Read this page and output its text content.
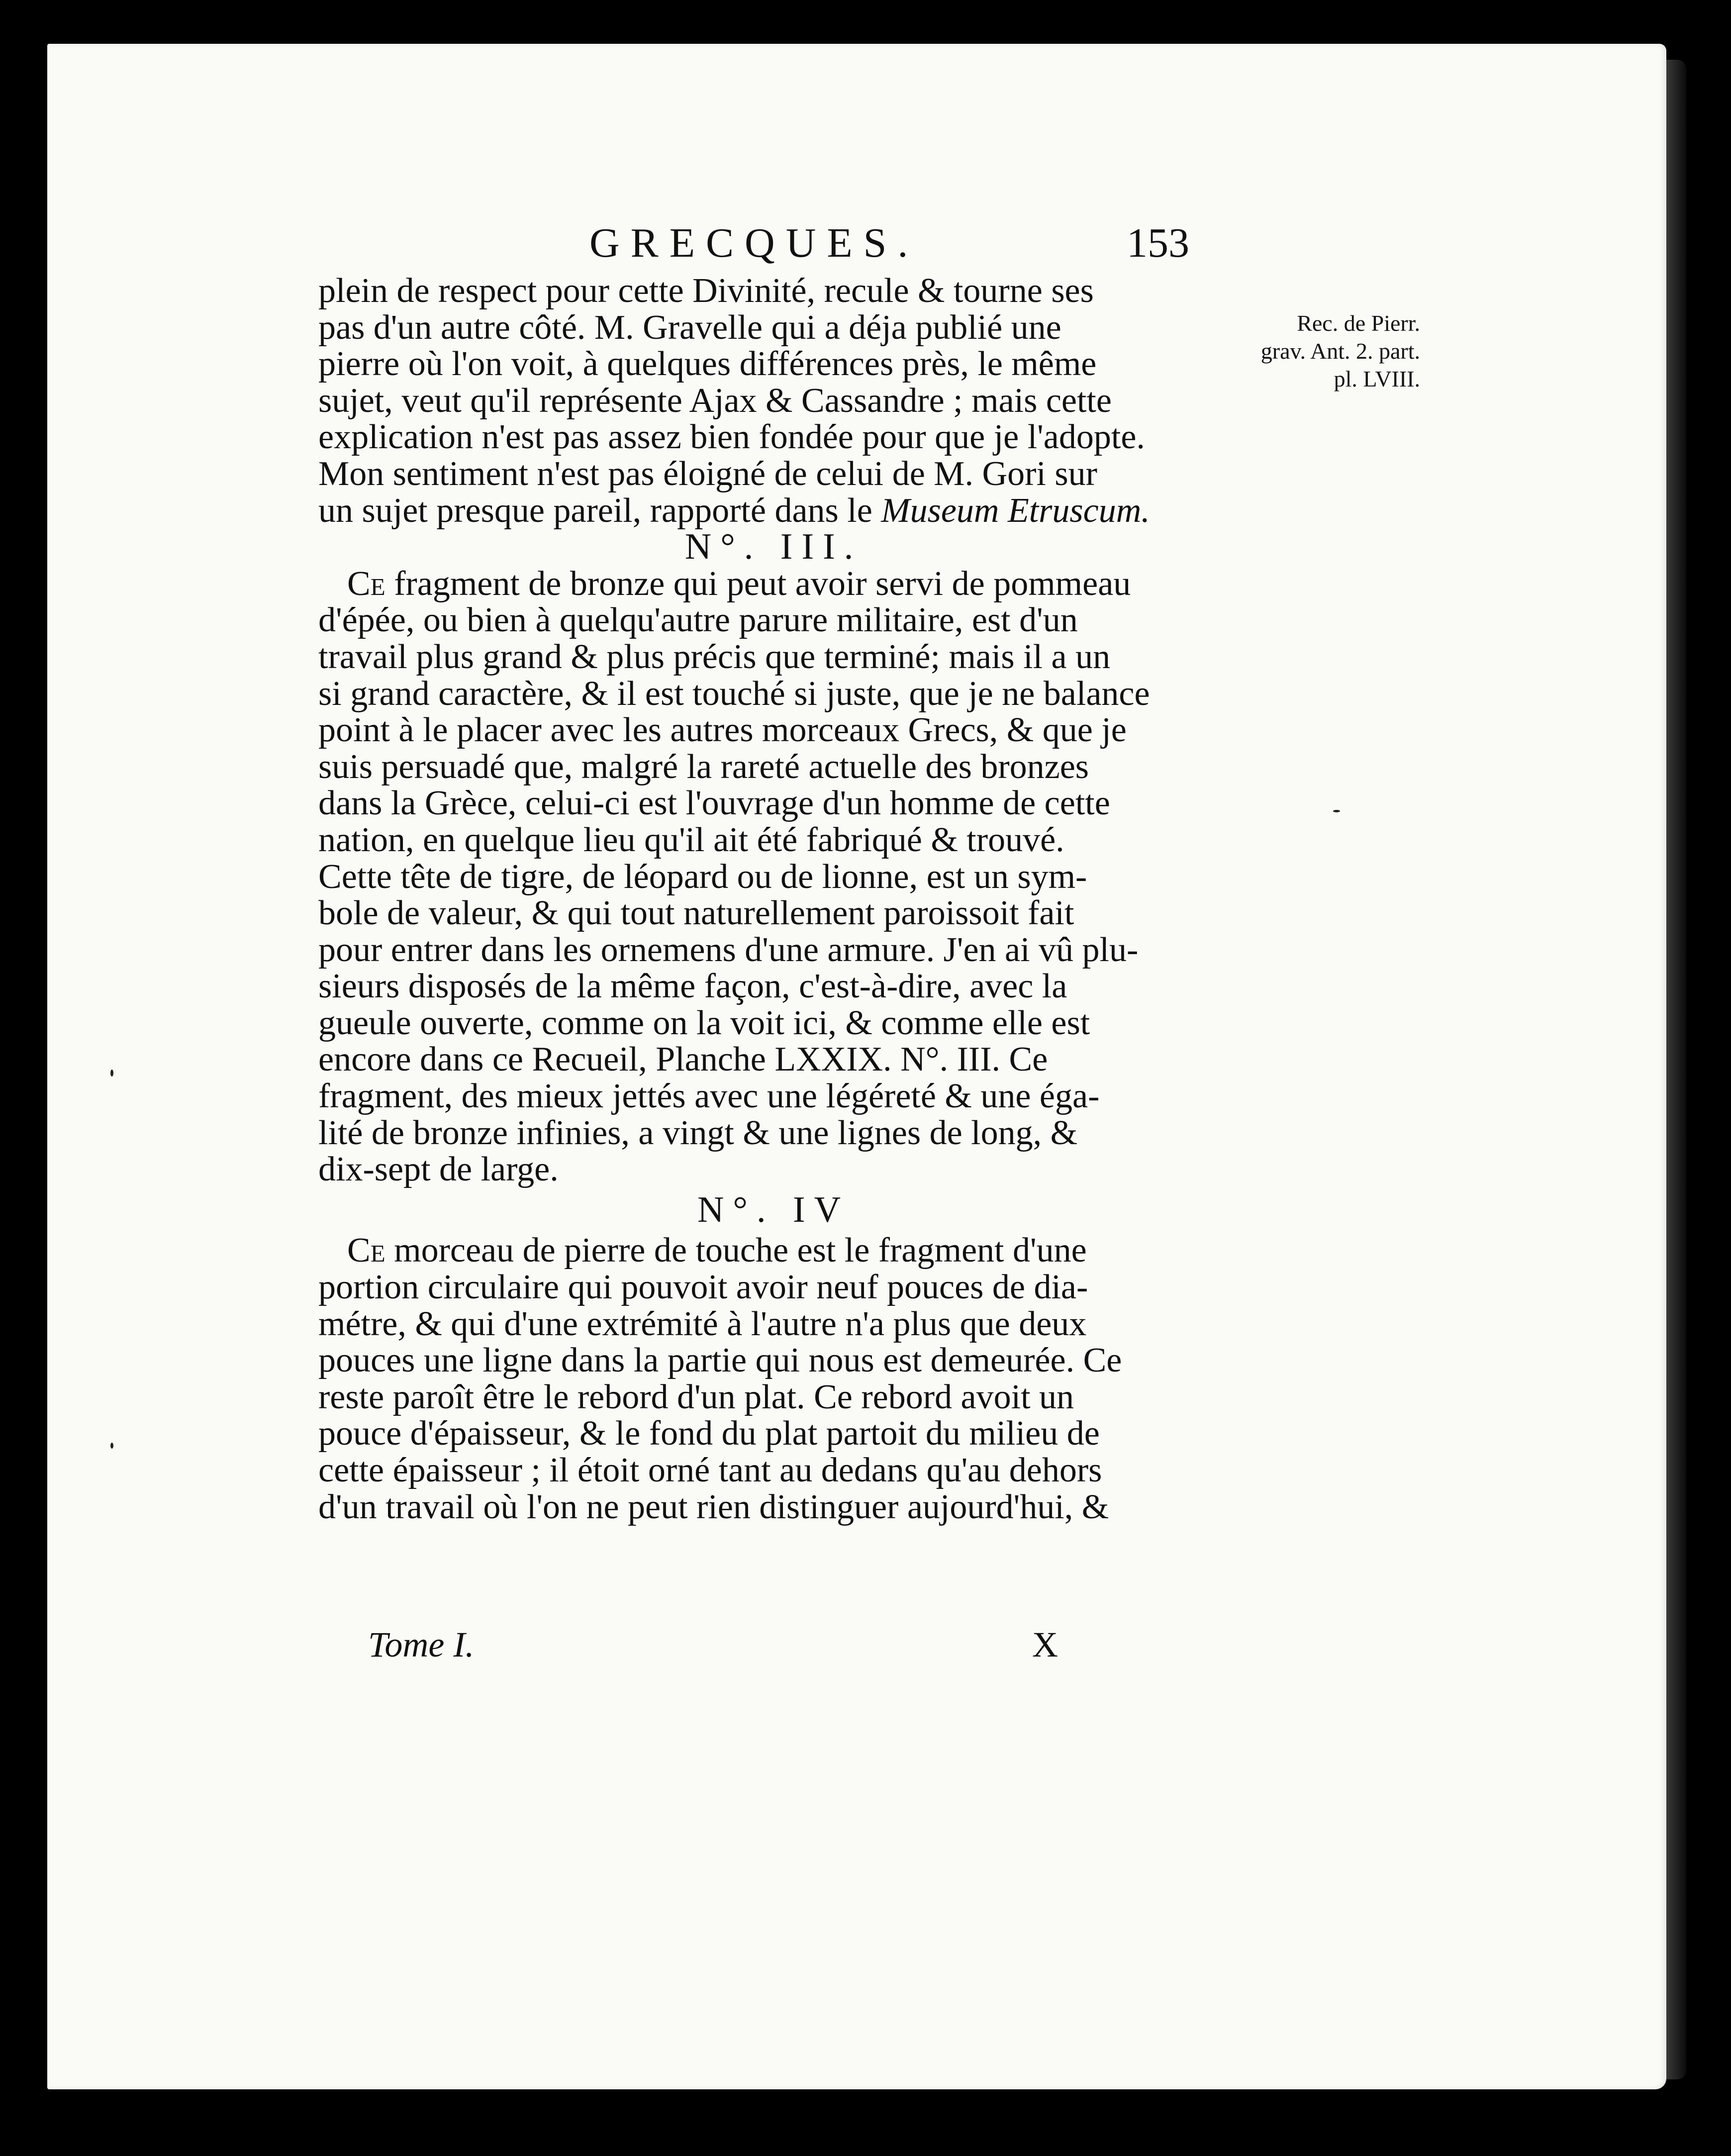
GRECQUES.	153
Rec. de Pierr.
grav. Ant. 2. part.
pl. LVIII.
plein de respect pour cette Divinité, recule & tourne ses
pas d'un autre côté. M. Gravelle qui a déja publié une
pierre où l'on voit, à quelques différences près, le même
sujet, veut qu'il représente Ajax & Cassandre ; mais cette
explication n'est pas assez bien fondée pour que je l'adopte.
Mon sentiment n'est pas éloigné de celui de M. Gori sur
un sujet presque pareil, rapporté dans le Museum Etruscum.
N°. III.
Ce fragment de bronze qui peut avoir servi de pommeau
d'épée, ou bien à quelqu'autre parure militaire, est d'un
travail plus grand & plus précis que terminé; mais il a un
si grand caractère, & il est touché si juste, que je ne balance
point à le placer avec les autres morceaux Grecs, & que je
suis persuadé que, malgré la rareté actuelle des bronzes
dans la Grèce, celui-ci est l'ouvrage d'un homme de cette
nation, en quelque lieu qu'il ait été fabriqué & trouvé.
Cette tête de tigre, de léopard ou de lionne, est un sym-
bole de valeur, & qui tout naturellement paroissoit fait
pour entrer dans les ornemens d'une armure. J'en ai vû plu-
sieurs disposés de la même façon, c'est-à-dire, avec la
gueule ouverte, comme on la voit ici, & comme elle est
encore dans ce Recueil, Planche LXXIX. N°. III. Ce
fragment, des mieux jettés avec une légéreté & une éga-
lité de bronze infinies, a vingt & une lignes de long, &
dix-sept de large.
N°. IV
Ce morceau de pierre de touche est le fragment d'une
portion circulaire qui pouvoit avoir neuf pouces de dia-
métre, & qui d'une extrémité à l'autre n'a plus que deux
pouces une ligne dans la partie qui nous est demeurée. Ce
reste paroît être le rebord d'un plat. Ce rebord avoit un
pouce d'épaisseur, & le fond du plat partoit du milieu de
cette épaisseur ; il étoit orné tant au dedans qu'au dehors
d'un travail où l'on ne peut rien distinguer aujourd'hui, &
Tome I.	X
